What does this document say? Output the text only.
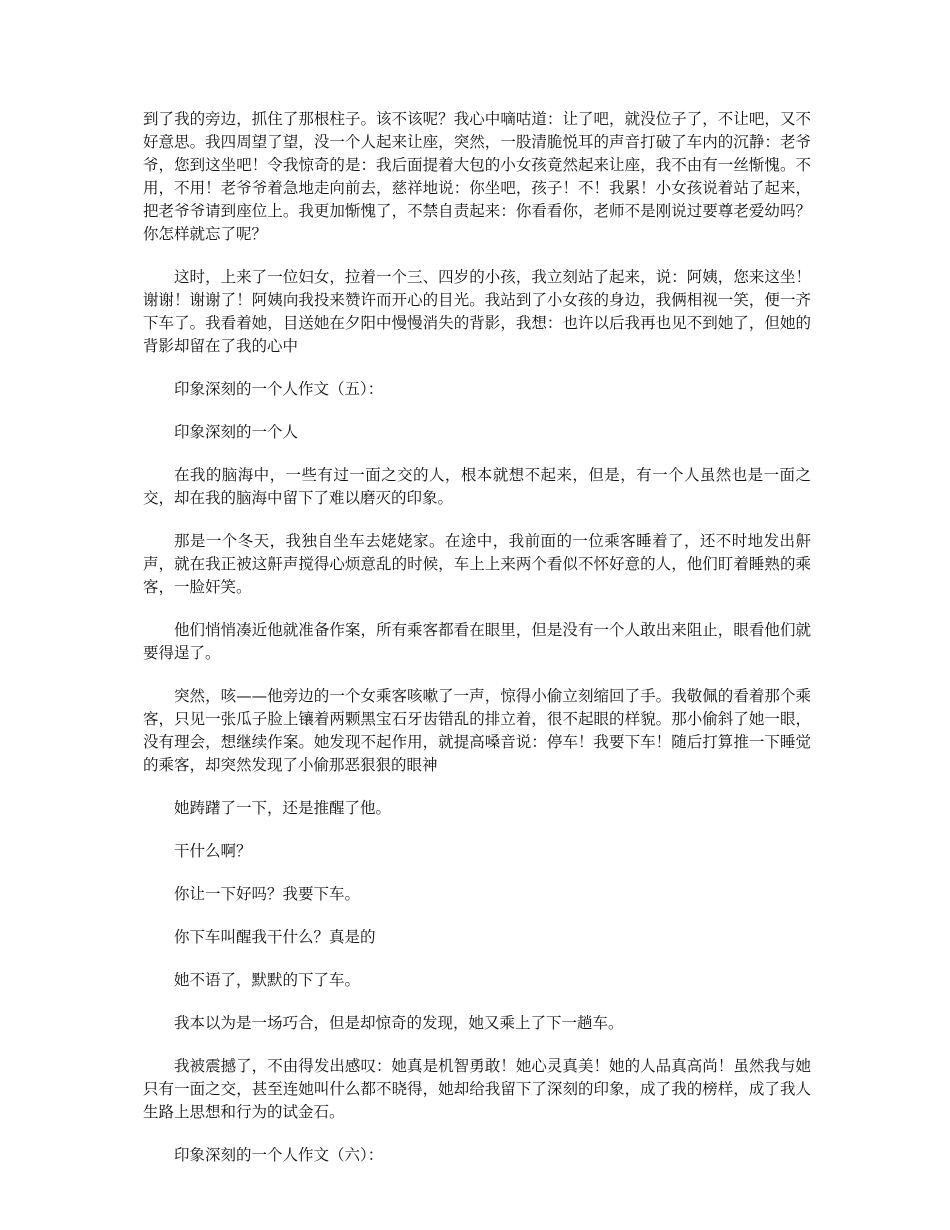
到了我的旁边，抓住了那根柱子。该不该呢？我心中嘀咕道：让了吧，就没位子了，不让吧，又不好意思。我四周望了望，没一个人起来让座，突然，一股清脆悦耳的声音打破了车内的沉静：老爷爷，您到这坐吧！令我惊奇的是：我后面提着大包的小女孩竟然起来让座，我不由有一丝惭愧。不用，不用！老爷爷着急地走向前去，慈祥地说：你坐吧，孩子！不！我累！小女孩说着站了起来，把老爷爷请到座位上。我更加惭愧了，不禁自责起来：你看看你，老师不是刚说过要尊老爱幼吗？你怎样就忘了呢？

这时，上来了一位妇女，拉着一个三、四岁的小孩，我立刻站了起来，说：阿姨，您来这坐！谢谢！谢谢了！阿姨向我投来赞许而开心的目光。我站到了小女孩的身边，我俩相视一笑，便一齐下车了。我看着她，目送她在夕阳中慢慢消失的背影，我想：也许以后我再也见不到她了，但她的背影却留在了我的心中

印象深刻的一个人作文（五）：

印象深刻的一个人

在我的脑海中，一些有过一面之交的人，根本就想不起来，但是，有一个人虽然也是一面之交，却在我的脑海中留下了难以磨灭的印象。

那是一个冬天，我独自坐车去姥姥家。在途中，我前面的一位乘客睡着了，还不时地发出鼾声，就在我正被这鼾声搅得心烦意乱的时候，车上上来两个看似不怀好意的人，他们盯着睡熟的乘客，一脸奸笑。

他们悄悄凑近他就准备作案，所有乘客都看在眼里，但是没有一个人敢出来阻止，眼看他们就要得逞了。

突然，咳——他旁边的一个女乘客咳嗽了一声，惊得小偷立刻缩回了手。我敬佩的看着那个乘客，只见一张瓜子脸上镶着两颗黑宝石牙齿错乱的排立着，很不起眼的样貌。那小偷斜了她一眼，没有理会，想继续作案。她发现不起作用，就提高嗓音说：停车！我要下车！随后打算推一下睡觉的乘客，却突然发现了小偷那恶狠狠的眼神

她踌躇了一下，还是推醒了他。

干什么啊？

你让一下好吗？我要下车。

你下车叫醒我干什么？真是的

她不语了，默默的下了车。

我本以为是一场巧合，但是却惊奇的发现，她又乘上了下一趟车。

我被震撼了，不由得发出感叹：她真是机智勇敢！她心灵真美！她的人品真高尚！虽然我与她只有一面之交，甚至连她叫什么都不晓得，她却给我留下了深刻的印象，成了我的榜样，成了我人生路上思想和行为的试金石。

印象深刻的一个人作文（六）：
